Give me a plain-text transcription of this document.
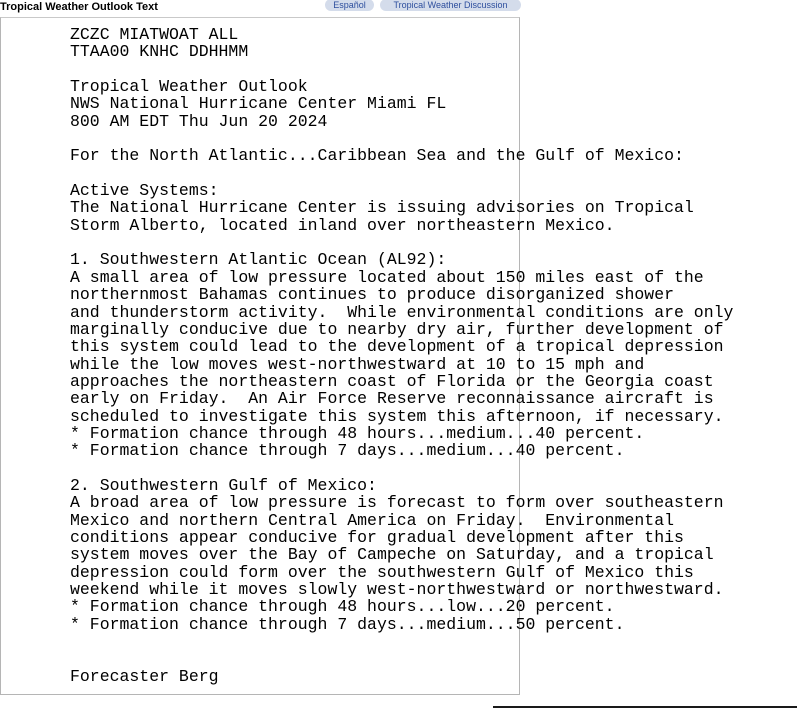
Tropical Weather Outlook Text	Español	Tropical Weather Discussion
ZCZC MIATWOAT ALL
TTAA00 KNHC DDHHMM

Tropical Weather Outlook
NWS National Hurricane Center Miami FL
800 AM EDT Thu Jun 20 2024

For the North Atlantic...Caribbean Sea and the Gulf of Mexico:

Active Systems:
The National Hurricane Center is issuing advisories on Tropical
Storm Alberto, located inland over northeastern Mexico.

1. Southwestern Atlantic Ocean (AL92):
A small area of low pressure located about 150 miles east of the
northernmost Bahamas continues to produce disorganized shower
and thunderstorm activity.  While environmental conditions are only
marginally conducive due to nearby dry air, further development of
this system could lead to the development of a tropical depression
while the low moves west-northwestward at 10 to 15 mph and
approaches the northeastern coast of Florida or the Georgia coast
early on Friday.  An Air Force Reserve reconnaissance aircraft is
scheduled to investigate this system this afternoon, if necessary.
* Formation chance through 48 hours...medium...40 percent.
* Formation chance through 7 days...medium...40 percent.

2. Southwestern Gulf of Mexico:
A broad area of low pressure is forecast to form over southeastern
Mexico and northern Central America on Friday.  Environmental
conditions appear conducive for gradual development after this
system moves over the Bay of Campeche on Saturday, and a tropical
depression could form over the southwestern Gulf of Mexico this
weekend while it moves slowly west-northwestward or northwestward.
* Formation chance through 48 hours...low...20 percent.
* Formation chance through 7 days...medium...50 percent.

Forecaster Berg
